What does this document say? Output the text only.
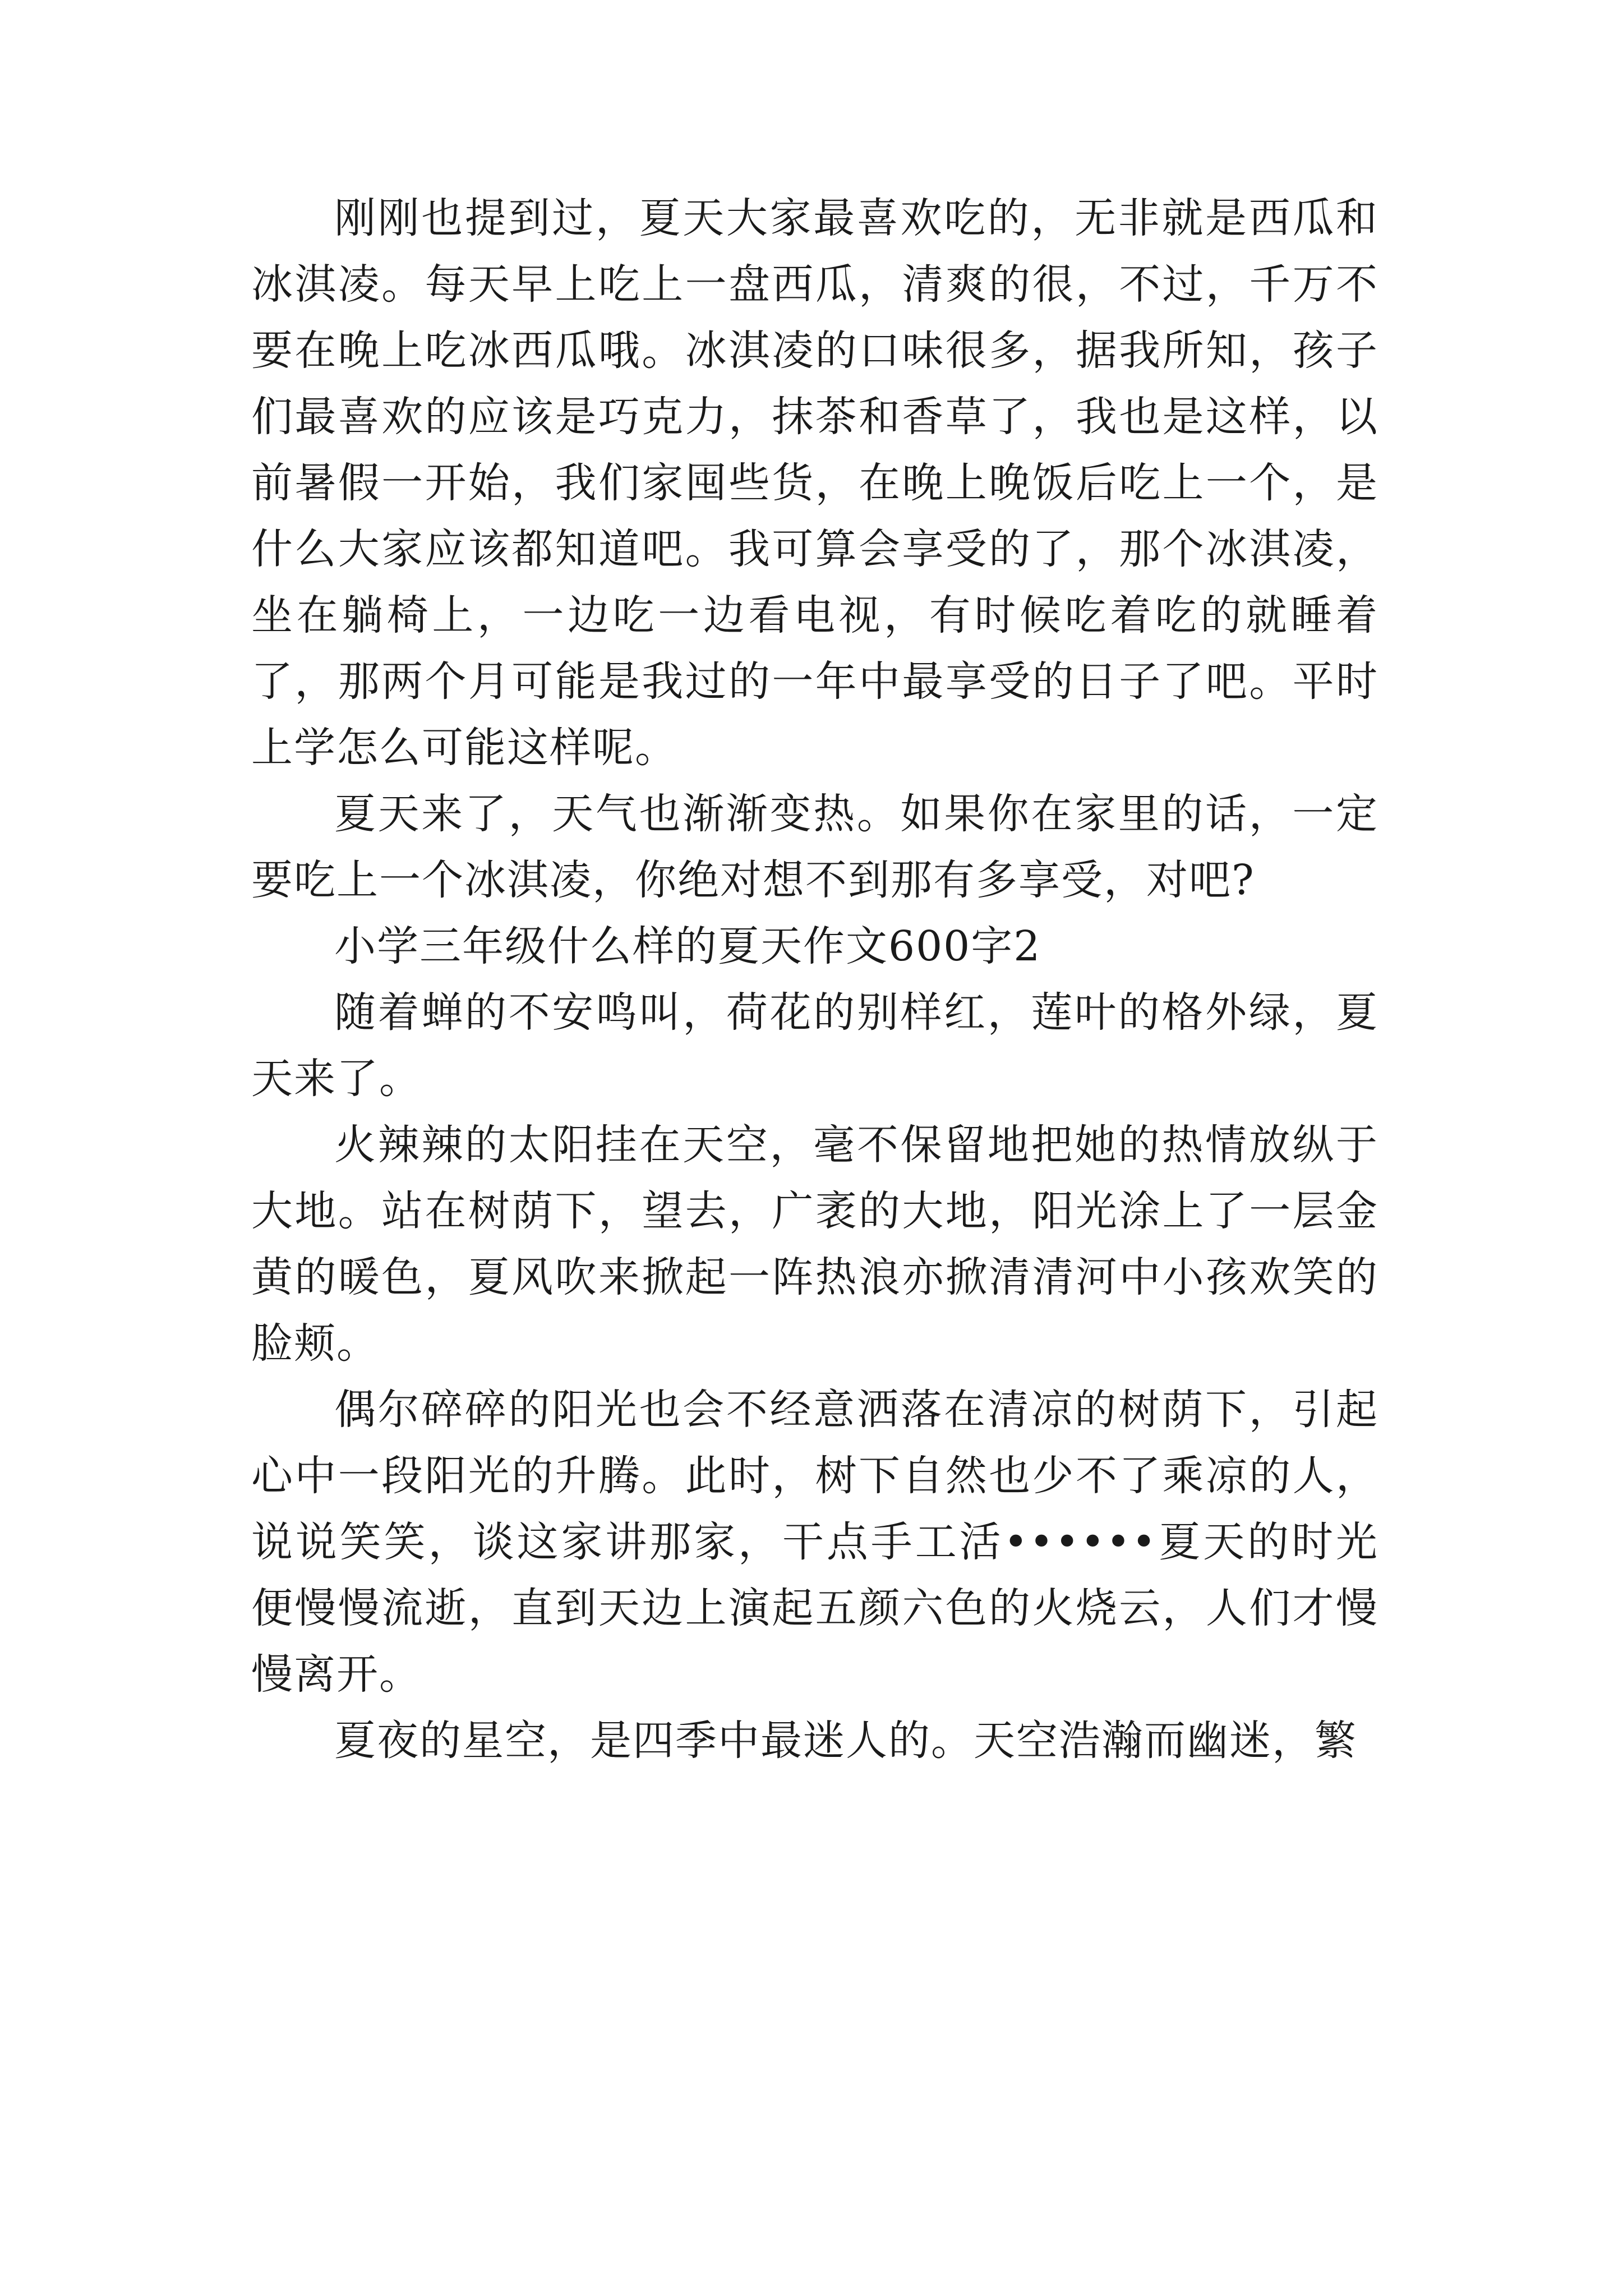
刚刚也提到过，夏天大家最喜欢吃的，无非就是西瓜和冰淇凌。每天早上吃上一盘西瓜，清爽的很，不过，千万不要在晚上吃冰西瓜哦。冰淇凌的口味很多，据我所知，孩子们最喜欢的应该是巧克力，抹茶和香草了，我也是这样，以前暑假一开始，我们家囤些货，在晚上晚饭后吃上一个，是什么大家应该都知道吧。我可算会享受的了，那个冰淇凌，坐在躺椅上，一边吃一边看电视，有时候吃着吃的就睡着了，那两个月可能是我过的一年中最享受的日子了吧。平时上学怎么可能这样呢。

夏天来了，天气也渐渐变热。如果你在家里的话，一定要吃上一个冰淇凌，你绝对想不到那有多享受，对吧?

小学三年级什么样的夏天作文600字2

随着蝉的不安鸣叫，荷花的别样红，莲叶的格外绿，夏天来了。

火辣辣的太阳挂在天空，毫不保留地把她的热情放纵于大地。站在树荫下，望去，广袤的大地，阳光涂上了一层金黄的暖色，夏风吹来掀起一阵热浪亦掀清清河中小孩欢笑的脸颊。

偶尔碎碎的阳光也会不经意洒落在清凉的树荫下，引起心中一段阳光的升腾。此时，树下自然也少不了乘凉的人，说说笑笑，谈这家讲那家，干点手工活••••••夏天的时光便慢慢流逝，直到天边上演起五颜六色的火烧云，人们才慢慢离开。

夏夜的星空，是四季中最迷人的。天空浩瀚而幽迷，繁
